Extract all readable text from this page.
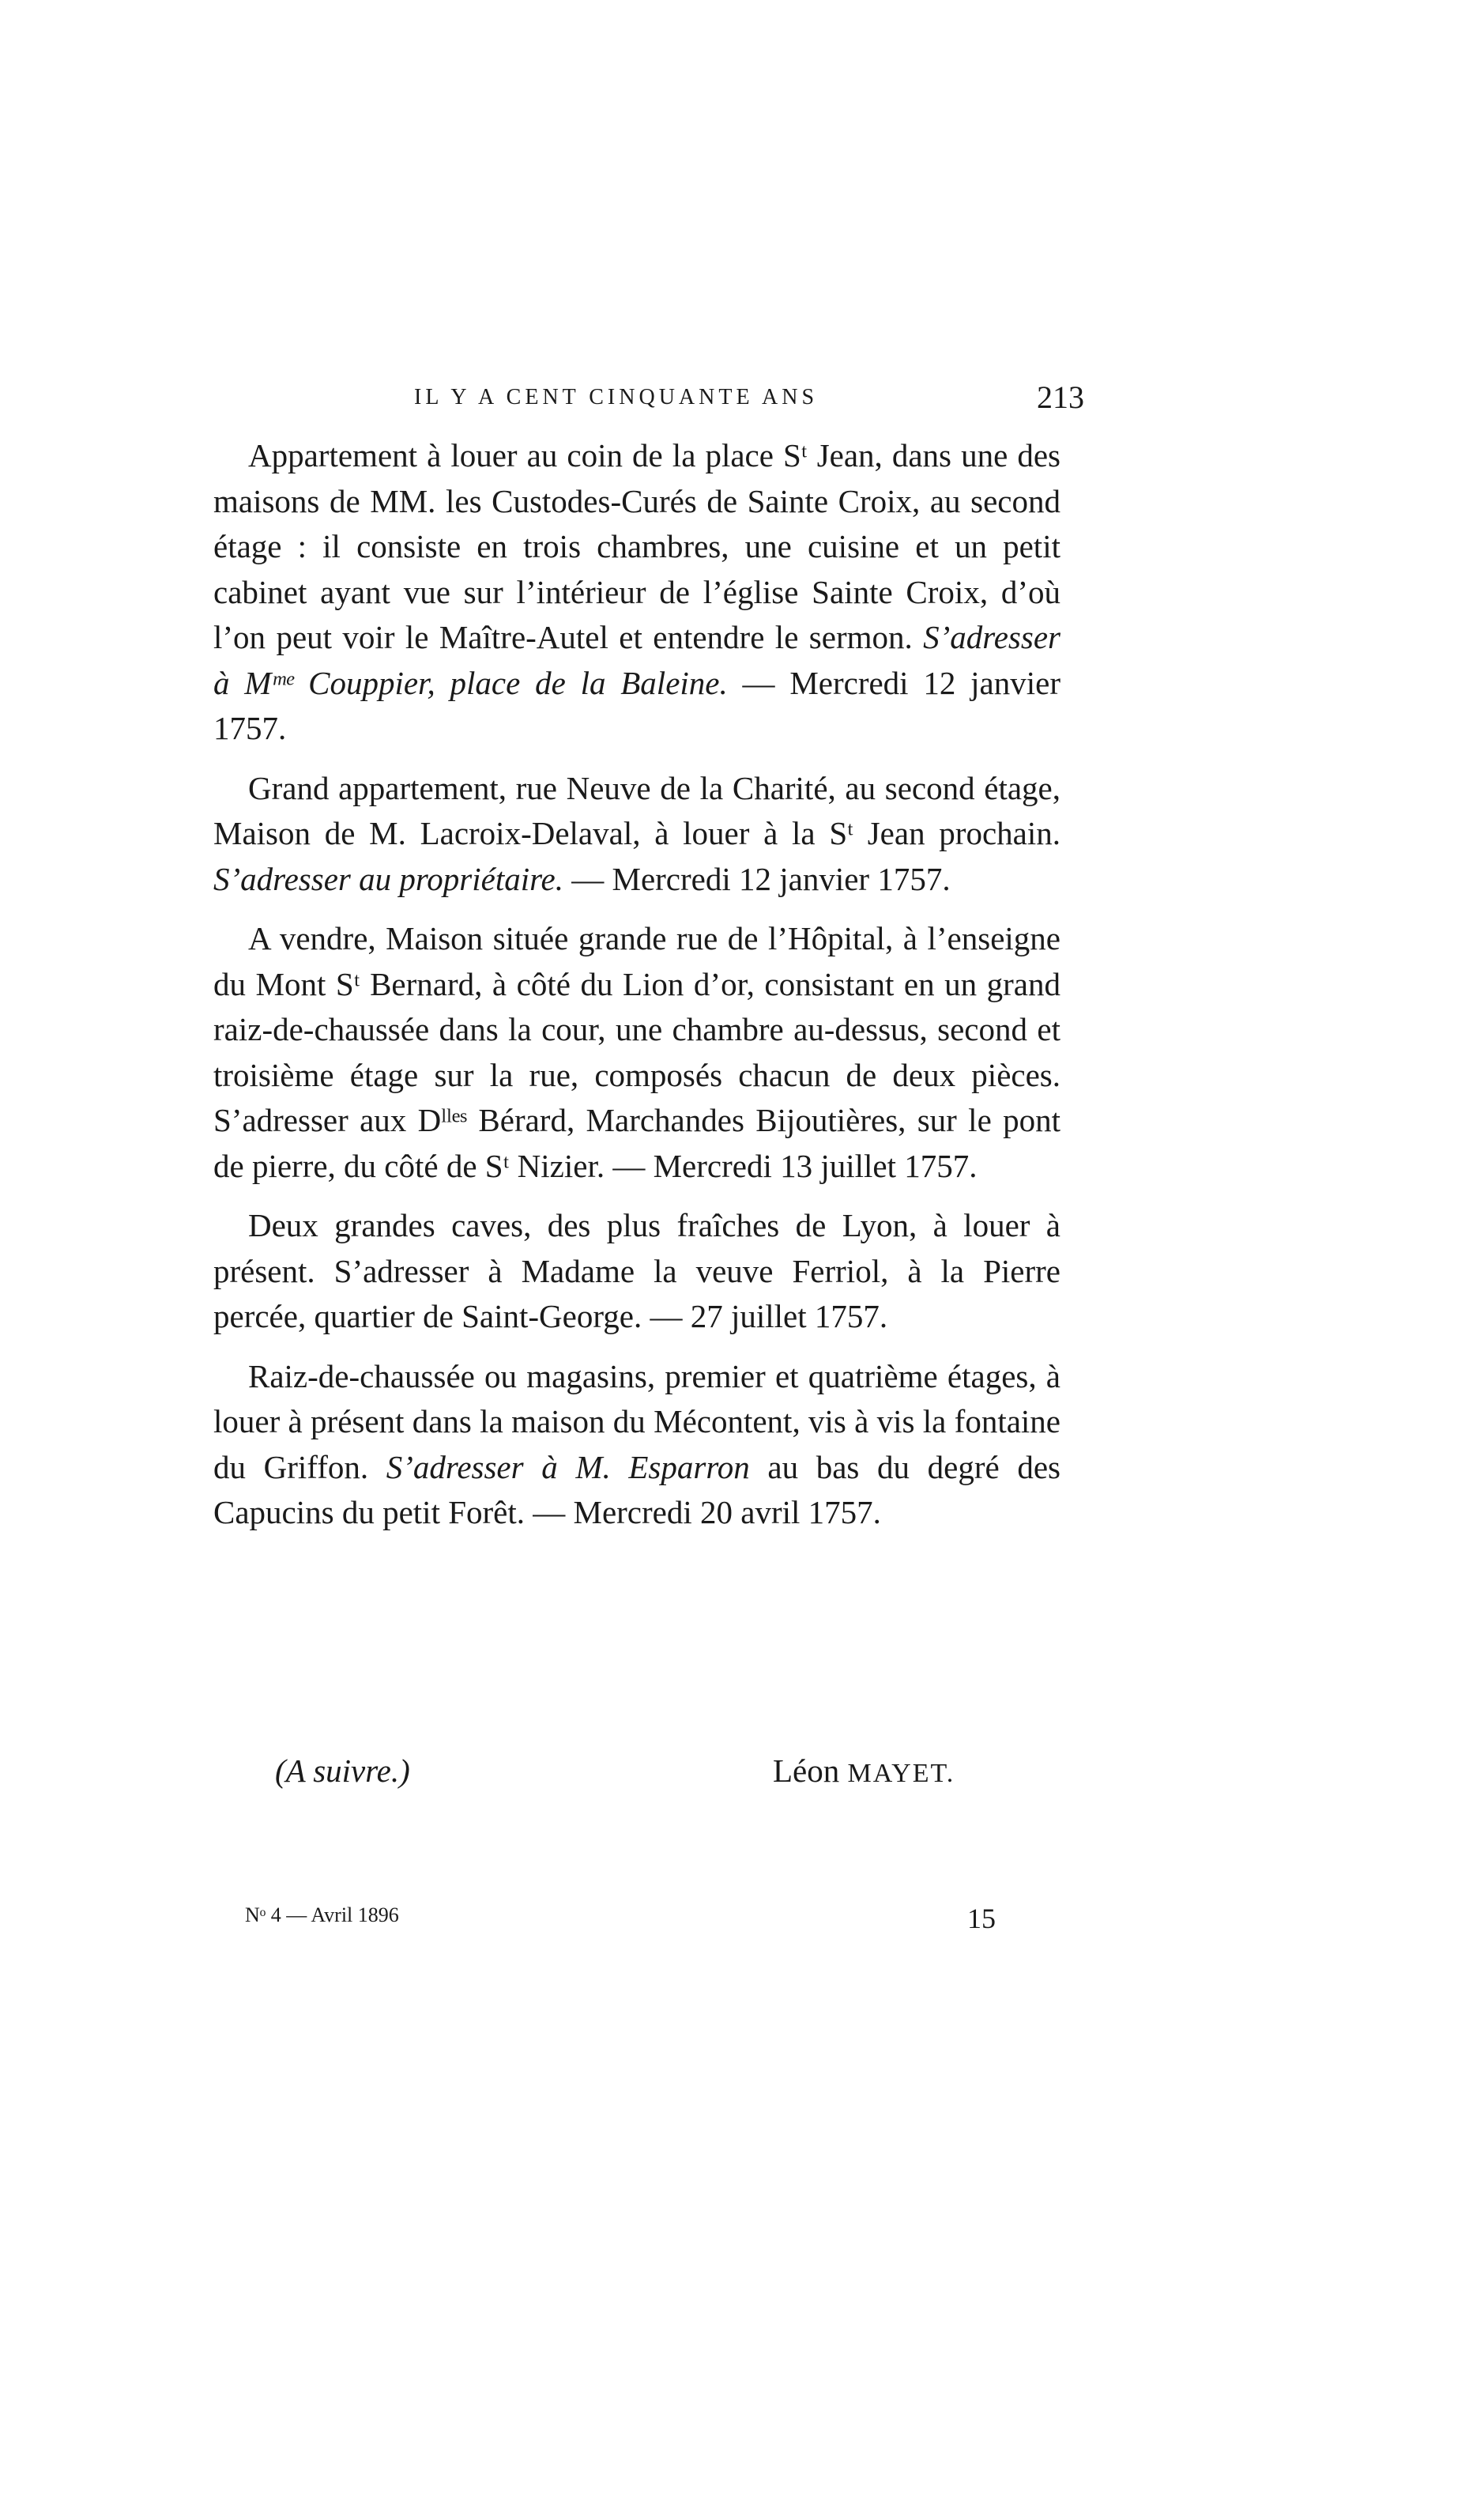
IL Y A CENT CINQUANTE ANS	213

Appartement à louer au coin de la place Sᵗ Jean, dans une des maisons de MM. les Custodes-Curés de Sainte Croix, au second étage : il consiste en trois chambres, une cuisine et un petit cabinet ayant vue sur l’intérieur de l’église Sainte Croix, d’où l’on peut voir le Maître-Autel et entendre le sermon. S’adresser à Mᵐᵉ Couppier, place de la Baleine. — Mercredi 12 janvier 1757.

Grand appartement, rue Neuve de la Charité, au second étage, Maison de M. Lacroix-Delaval, à louer à la Sᵗ Jean prochain. S’adresser au propriétaire. — Mercredi 12 janvier 1757.

A vendre, Maison située grande rue de l’Hôpital, à l’enseigne du Mont Sᵗ Bernard, à côté du Lion d’or, consistant en un grand raiz-de-chaussée dans la cour, une chambre au-dessus, second et troisième étage sur la rue, composés chacun de deux pièces. S’adresser aux Dˡˡᵉˢ Bérard, Marchandes Bijoutières, sur le pont de pierre, du côté de Sᵗ Nizier. — Mercredi 13 juillet 1757.

Deux grandes caves, des plus fraîches de Lyon, à louer à présent. S’adresser à Madame la veuve Ferriol, à la Pierre percée, quartier de Saint-George. — 27 juillet 1757.

Raiz-de-chaussée ou magasins, premier et quatrième étages, à louer à présent dans la maison du Mécontent, vis à vis la fontaine du Griffon. S’adresser à M. Esparron au bas du degré des Capucins du petit Forêt. — Mercredi 20 avril 1757.

(A suivre.)	Léon MAYET.
Nᵒ 4 — Avril 1896	15
